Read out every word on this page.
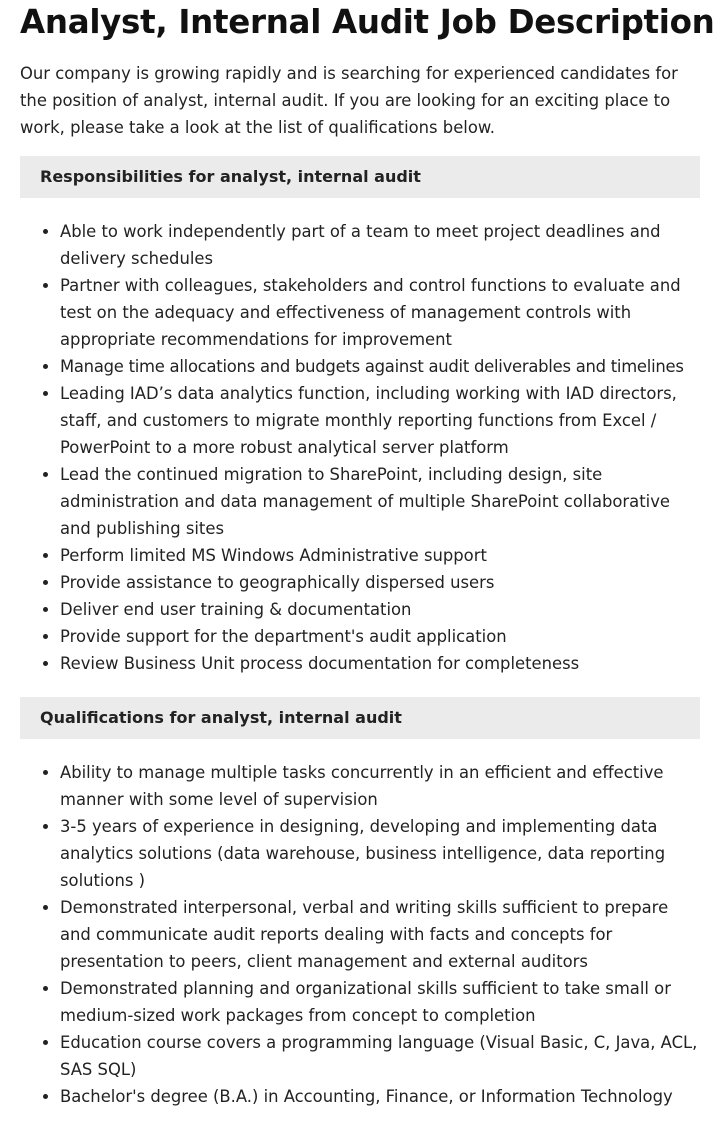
Analyst, Internal Audit Job Description

Our company is growing rapidly and is searching for experienced candidates for the position of analyst, internal audit. If you are looking for an exciting place to work, please take a look at the list of qualifications below.

Responsibilities for analyst, internal audit
• Able to work independently part of a team to meet project deadlines and delivery schedules
• Partner with colleagues, stakeholders and control functions to evaluate and test on the adequacy and effectiveness of management controls with appropriate recommendations for improvement
• Manage time allocations and budgets against audit deliverables and timelines
• Leading IAD’s data analytics function, including working with IAD directors, staff, and customers to migrate monthly reporting functions from Excel / PowerPoint to a more robust analytical server platform
• Lead the continued migration to SharePoint, including design, site administration and data management of multiple SharePoint collaborative and publishing sites
• Perform limited MS Windows Administrative support
• Provide assistance to geographically dispersed users
• Deliver end user training & documentation
• Provide support for the department's audit application
• Review Business Unit process documentation for completeness
Qualifications for analyst, internal audit
• Ability to manage multiple tasks concurrently in an efficient and effective manner with some level of supervision
• 3-5 years of experience in designing, developing and implementing data analytics solutions (data warehouse, business intelligence, data reporting solutions )
• Demonstrated interpersonal, verbal and writing skills sufficient to prepare and communicate audit reports dealing with facts and concepts for presentation to peers, client management and external auditors
• Demonstrated planning and organizational skills sufficient to take small or medium-sized work packages from concept to completion
• Education course covers a programming language (Visual Basic, C, Java, ACL, SAS SQL)
• Bachelor's degree (B.A.) in Accounting, Finance, or Information Technology
